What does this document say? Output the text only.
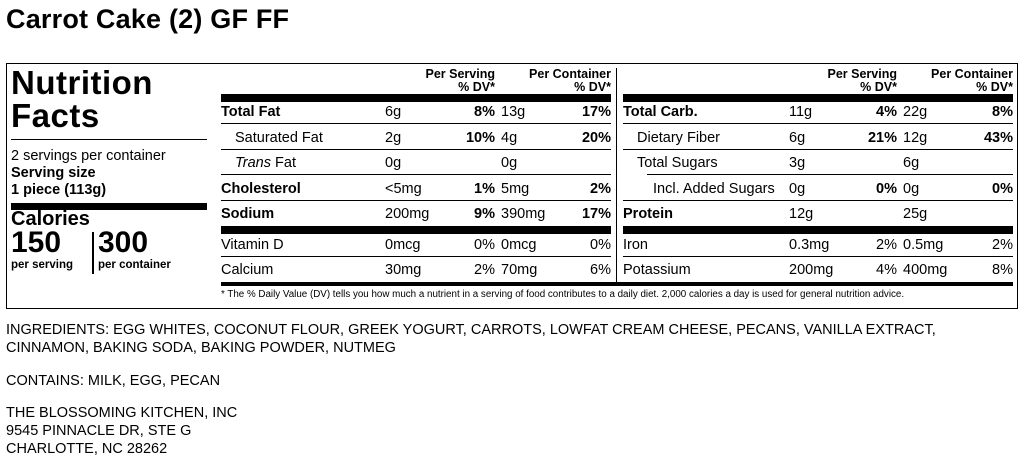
Carrot Cake (2) GF FF
Nutrition
Facts
2 servings per container
Serving size
1 piece (113g)
Calories
150 300
per serving per container
Per Serving
% DV*
Per Container
% DV*
Per Serving
% DV*
Per Container
% DV*
Total Fat	6g	8% 13g	17%
Saturated Fat	2g	10% 4g	20%
Trans Fat	0g	0g
Cholesterol	<5mg	1% 5mg	2%
Sodium	200mg	9% 390mg	17%
Total Carb.	11g	4% 22g	8%
Dietary Fiber	6g	21% 12g	43%
Total Sugars	3g	6g
Incl. Added Sugars 0g	0% 0g	0%
Protein	12g	25g
Vitamin D	0mcg	0% 0mcg	0%
Calcium	30mg	2% 70mg	6%
Iron	0.3mg	2% 0.5mg	2%
Potassium	200mg	4% 400mg	8%
* The % Daily Value (DV) tells you how much a nutrient in a serving of food contributes to a daily diet. 2,000 calories a day is used for general nutrition advice.
INGREDIENTS: EGG WHITES, COCONUT FLOUR, GREEK YOGURT, CARROTS, LOWFAT CREAM CHEESE, PECANS, VANILLA EXTRACT,
CINNAMON, BAKING SODA, BAKING POWDER, NUTMEG
CONTAINS: MILK, EGG, PECAN
THE BLOSSOMING KITCHEN, INC
9545 PINNACLE DR, STE G
CHARLOTTE, NC 28262
